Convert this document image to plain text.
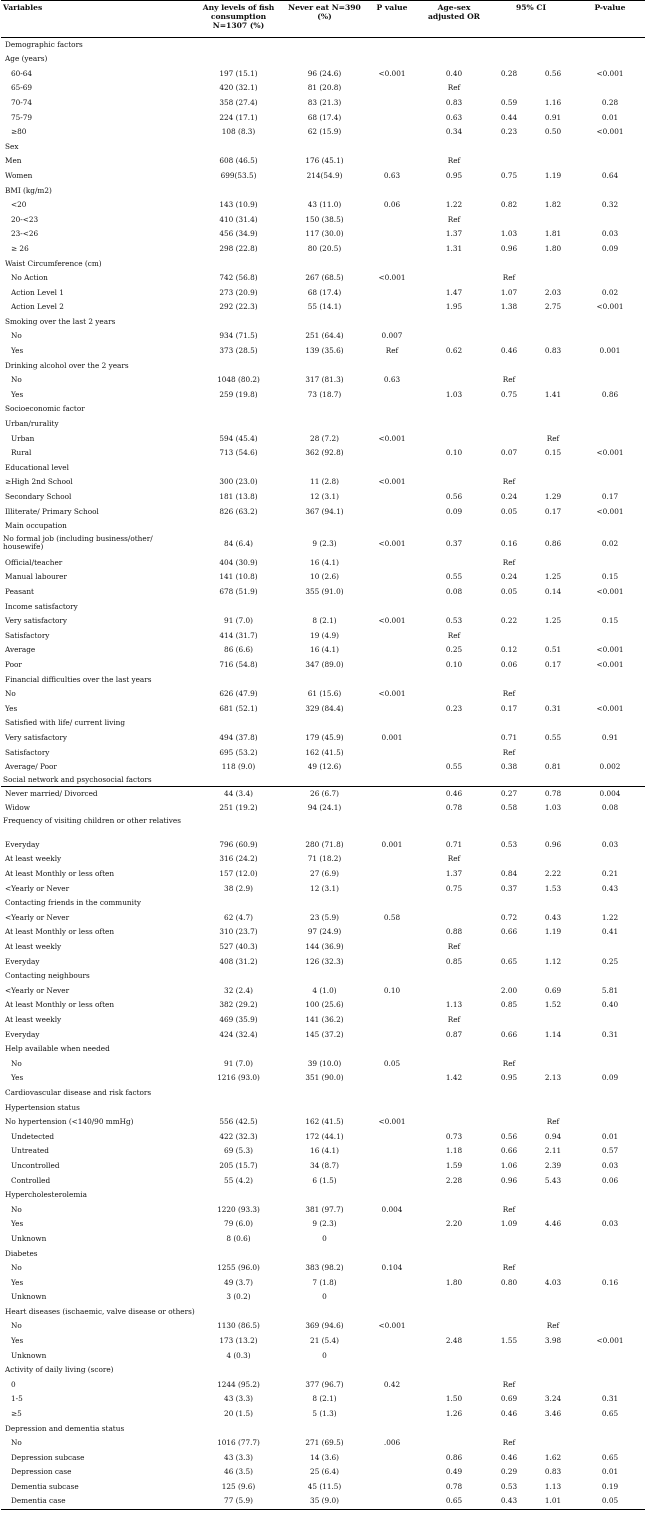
Variables	Any levels of fish consumption N=1307 (%)	Never eat N=390 (%)	P value	Age-sex adjusted OR	95% CI		P-value
Demographic factors							
Age (years)							
60-64	197 (15.1)	96 (24.6)	<0.001	0.40	0.28	0.56	<0.001
65-69	420 (32.1)	81 (20.8)		Ref			
70-74	358 (27.4)	83 (21.3)		0.83	0.59	1.16	0.28
75-79	224 (17.1)	68 (17.4)		0.63	0.44	0.91	0.01
≥80	108 (8.3)	62 (15.9)		0.34	0.23	0.50	<0.001
Sex							
Men	608 (46.5)	176 (45.1)		Ref			
Women	699(53.5)	214(54.9)	0.63	0.95	0.75	1.19	0.64
BMI (kg/m2)							
<20	143 (10.9)	43 (11.0)	0.06	1.22	0.82	1.82	0.32
20-<23	410 (31.4)	150 (38.5)		Ref			
23-<26	456 (34.9)	117 (30.0)		1.37	1.03	1.81	0.03
≥ 26	298 (22.8)	80 (20.5)		1.31	0.96	1.80	0.09
Waist Circumference (cm)							
No Action	742 (56.8)	267 (68.5)	<0.001		Ref		
Action Level 1	273 (20.9)	68 (17.4)		1.47	1.07	2.03	0.02
Action Level 2	292 (22.3)	55 (14.1)		1.95	1.38	2.75	<0.001
Smoking over the last 2 years							
No	934 (71.5)	251 (64.4)	0.007				
Yes	373 (28.5)	139 (35.6)	Ref	0.62	0.46	0.83	0.001
Drinking alcohol over the 2 years							
No	1048 (80.2)	317 (81.3)	0.63		Ref		
Yes	259 (19.8)	73 (18.7)		1.03	0.75	1.41	0.86
Socioeconomic factor							
Urban/rurality							
Urban	594 (45.4)	28 (7.2)	<0.001			Ref	
Rural	713 (54.6)	362 (92.8)		0.10	0.07	0.15	<0.001
Educational level							
≥High 2nd School	300 (23.0)	11 (2.8)	<0.001		Ref		
Secondary School	181 (13.8)	12 (3.1)		0.56	0.24	1.29	0.17
Illiterate/ Primary School	826 (63.2)	367 (94.1)		0.09	0.05	0.17	<0.001
Main occupation							
No formal job (including business/other/ housewife)	84 (6.4)	9 (2.3)	<0.001	0.37	0.16	0.86	0.02
Official/teacher	404 (30.9)	16 (4.1)			Ref		
Manual labourer	141 (10.8)	10 (2.6)		0.55	0.24	1.25	0.15
Peasant	678 (51.9)	355 (91.0)		0.08	0.05	0.14	<0.001
Income satisfactory							
Very satisfactory	91 (7.0)	8 (2.1)	<0.001	0.53	0.22	1.25	0.15
Satisfactory	414 (31.7)	19 (4.9)		Ref			
Average	86 (6.6)	16 (4.1)		0.25	0.12	0.51	<0.001
Poor	716 (54.8)	347 (89.0)		0.10	0.06	0.17	<0.001
Financial difficulties over the last years							
No	626 (47.9)	61 (15.6)	<0.001		Ref		
Yes	681 (52.1)	329 (84.4)		0.23	0.17	0.31	<0.001
Satisfied with life/ current living							
Very satisfactory	494 (37.8)	179 (45.9)	0.001		0.71	0.55	0.91
Satisfactory	695 (53.2)	162 (41.5)			Ref		
Average/ Poor	118 (9.0)	49 (12.6)		0.55	0.38	0.81	0.002
Social network and psychosocial factors							
Never married/ Divorced	44 (3.4)	26 (6.7)		0.46	0.27	0.78	0.004
Widow	251 (19.2)	94 (24.1)		0.78	0.58	1.03	0.08
Frequency of visiting children or other relatives							
Everyday	796 (60.9)	280 (71.8)	0.001	0.71	0.53	0.96	0.03
At least weekly	316 (24.2)	71 (18.2)		Ref			
At least Monthly or less often	157 (12.0)	27 (6.9)		1.37	0.84	2.22	0.21
<Yearly or Never	38 (2.9)	12 (3.1)		0.75	0.37	1.53	0.43
Contacting friends in the community							
<Yearly or Never	62 (4.7)	23 (5.9)	0.58		0.72	0.43	1.22
At least Monthly or less often	310 (23.7)	97 (24.9)		0.88	0.66	1.19	0.41
At least weekly	527 (40.3)	144 (36.9)		Ref			
Everyday	408 (31.2)	126 (32.3)		0.85	0.65	1.12	0.25
Contacting neighbours							
<Yearly or Never	32 (2.4)	4 (1.0)	0.10		2.00	0.69	5.81
At least Monthly or less often	382 (29.2)	100 (25.6)		1.13	0.85	1.52	0.40
At least weekly	469 (35.9)	141 (36.2)		Ref			
Everyday	424 (32.4)	145 (37.2)		0.87	0.66	1.14	0.31
Help available when needed							
No	91 (7.0)	39 (10.0)	0.05		Ref		
Yes	1216 (93.0)	351 (90.0)		1.42	0.95	2.13	0.09
Cardiovascular disease and risk factors							
Hypertension status							
No hypertension (<140/90 mmHg)	556 (42.5)	162 (41.5)	<0.001			Ref	
Undetected	422 (32.3)	172 (44.1)		0.73	0.56	0.94	0.01
Untreated	69 (5.3)	16 (4.1)		1.18	0.66	2.11	0.57
Uncontrolled	205 (15.7)	34 (8.7)		1.59	1.06	2.39	0.03
Controlled	55 (4.2)	6 (1.5)		2.28	0.96	5.43	0.06
Hypercholesterolemia							
No	1220 (93.3)	381 (97.7)	0.004		Ref		
Yes	79 (6.0)	9 (2.3)		2.20	1.09	4.46	0.03
Unknown	8 (0.6)	0					
Diabetes							
No	1255 (96.0)	383 (98.2)	0.104		Ref		
Yes	49 (3.7)	7 (1.8)		1.80	0.80	4.03	0.16
Unknown	3 (0.2)	0					
Heart diseases (ischaemic, valve disease or others)							
No	1130 (86.5)	369 (94.6)	<0.001			Ref	
Yes	173 (13.2)	21 (5.4)		2.48	1.55	3.98	<0.001
Unknown	4 (0.3)	0					
Activity of daily living (score)							
0	1244 (95.2)	377 (96.7)	0.42		Ref		
1-5	43 (3.3)	8 (2.1)		1.50	0.69	3.24	0.31
≥5	20 (1.5)	5 (1.3)		1.26	0.46	3.46	0.65
Depression and dementia status							
No	1016 (77.7)	271 (69.5)	.006		Ref		
Depression subcase	43 (3.3)	14 (3.6)		0.86	0.46	1.62	0.65
Depression case	46 (3.5)	25 (6.4)		0.49	0.29	0.83	0.01
Dementia subcase	125 (9.6)	45 (11.5)		0.78	0.53	1.13	0.19
Dementia case	77 (5.9)	35 (9.0)		0.65	0.43	1.01	0.05
